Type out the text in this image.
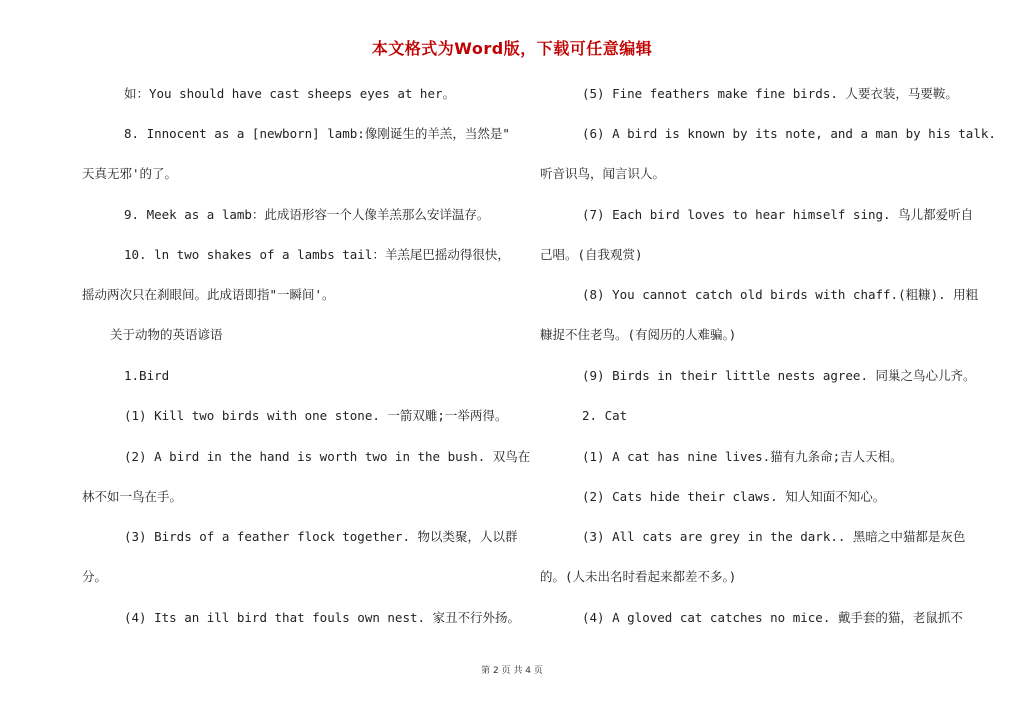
本文格式为Word版，下载可任意编辑
如：You should have cast sheeps eyes at her。
8. Innocent as a [newborn] lamb:像刚诞生的羊羔，当然是"
天真无邪'的了。
9. Meek as a lamb：此成语形容一个人像羊羔那么安详温存。
10. ln two shakes of a lambs tail：羊羔尾巴摇动得很快，
摇动两次只在刹眼间。此成语即指"一瞬间'。
关于动物的英语谚语
1.Bird
(1) Kill two birds with one stone. 一箭双雕;一举两得。
(2) A bird in the hand is worth two in the bush. 双鸟在
林不如一鸟在手。
(3) Birds of a feather flock together. 物以类聚，人以群
分。
(4) Its an ill bird that fouls own nest. 家丑不行外扬。
(5) Fine feathers make fine birds. 人要衣装，马要鞍。
(6) A bird is known by its note, and a man by his talk.
听音识鸟，闻言识人。
(7) Each bird loves to hear himself sing. 鸟儿都爱听自
己唱。(自我观赏)
(8) You cannot catch old birds with chaff.(粗糠). 用粗
糠捉不住老鸟。(有阅历的人难骗。)
(9) Birds in their little nests agree. 同巢之鸟心儿齐。
2. Cat
(1) A cat has nine lives.猫有九条命;吉人天相。
(2) Cats hide their claws. 知人知面不知心。
(3) All cats are grey in the dark.. 黑暗之中猫都是灰色
的。(人未出名时看起来都差不多。)
(4) A gloved cat catches no mice. 戴手套的猫，老鼠抓不
第 2 页 共 4 页
